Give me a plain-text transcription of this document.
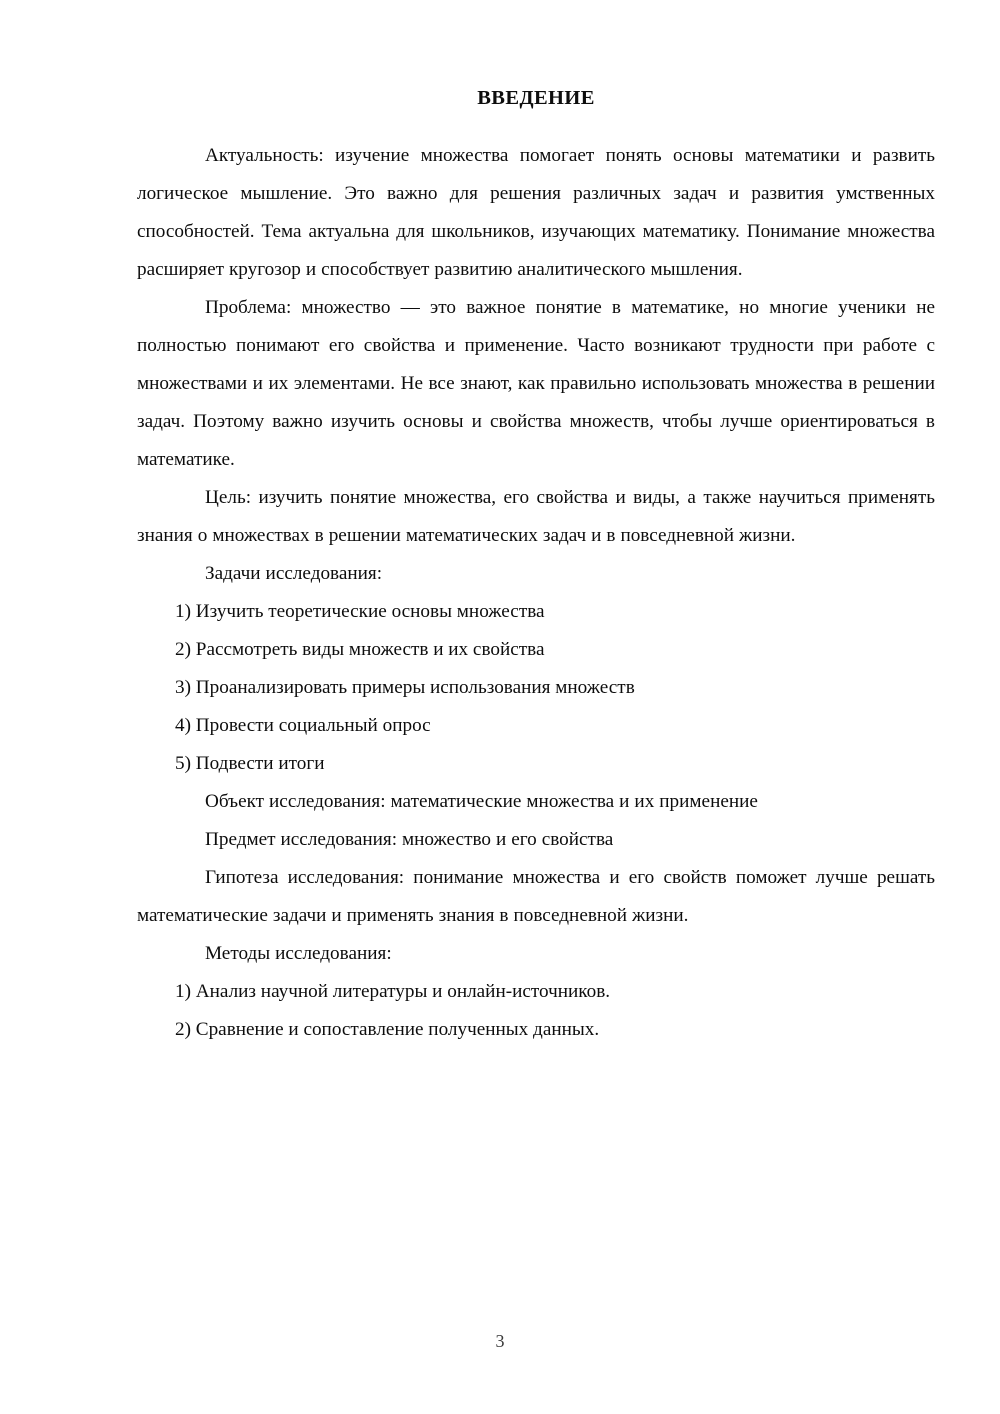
ВВЕДЕНИЕ

Актуальность: изучение множества помогает понять основы математики и развить логическое мышление. Это важно для решения различных задач и развития умственных способностей. Тема актуальна для школьников, изучающих математику. Понимание множества расширяет кругозор и способствует развитию аналитического мышления.

Проблема: множество — это важное понятие в математике, но многие ученики не полностью понимают его свойства и применение. Часто возникают трудности при работе с множествами и их элементами. Не все знают, как правильно использовать множества в решении задач. Поэтому важно изучить основы и свойства множеств, чтобы лучше ориентироваться в математике.

Цель: изучить понятие множества, его свойства и виды, а также научиться применять знания о множествах в решении математических задач и в повседневной жизни.

Задачи исследования:

1) Изучить теоретические основы множества

2) Рассмотреть виды множеств и их свойства

3) Проанализировать примеры использования множеств

4) Провести социальный опрос

5) Подвести итоги

Объект исследования: математические множества и их применение

Предмет исследования: множество и его свойства

Гипотеза исследования: понимание множества и его свойств поможет лучше решать математические задачи и применять знания в повседневной жизни.

Методы исследования:

1) Анализ научной литературы и онлайн-источников.

2) Сравнение и сопоставление полученных данных.

3
